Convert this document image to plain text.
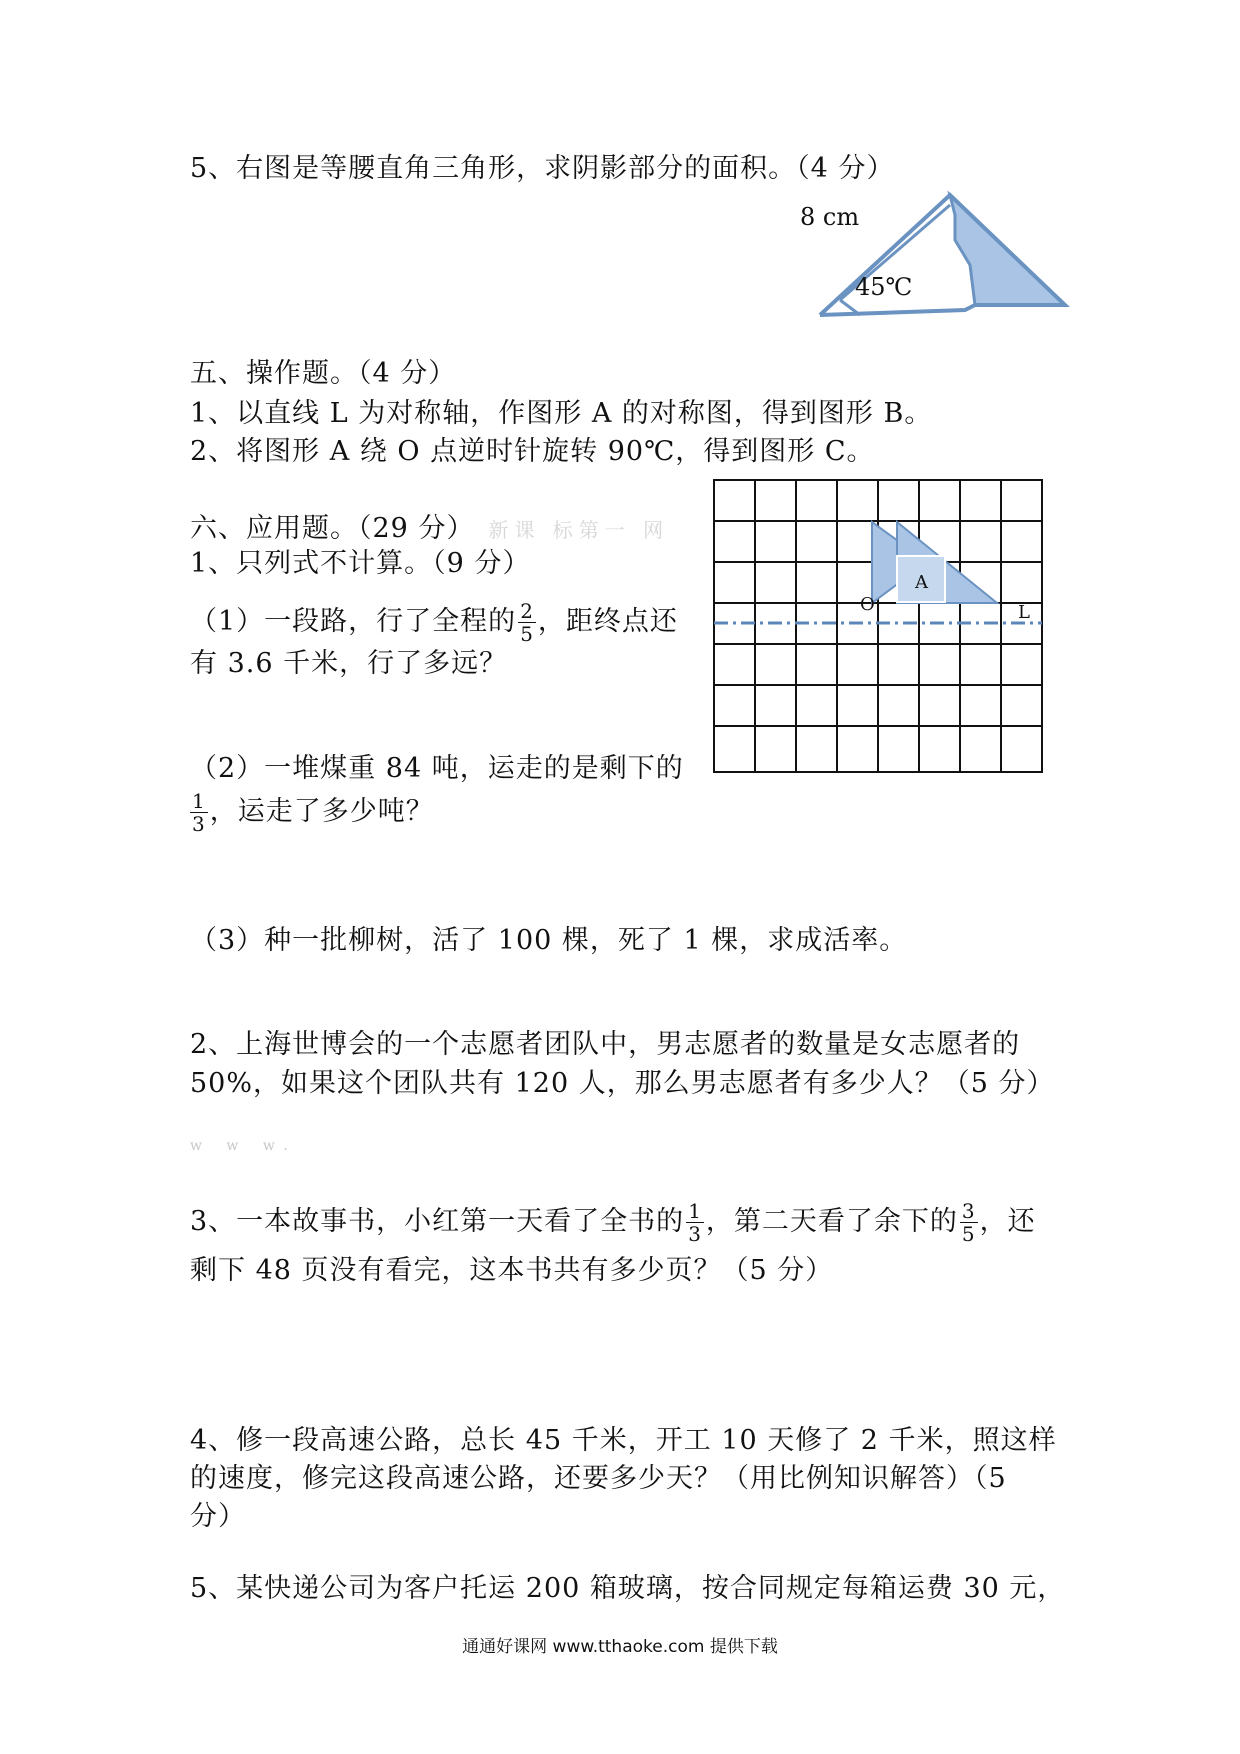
5、右图是等腰直角三角形，求阴影部分的面积。（4 分）
8 cm
45℃
五、操作题。（4 分）
1、以直线 L 为对称轴，作图形 A 的对称图，得到图形 B。
2、将图形 A 绕 O 点逆时针旋转 90℃，得到图形 C。
A
O	L
六、应用题。（29 分） 新课 标第一 网
1、只列式不计算。（9 分）
（1）一段路，行了全程的 $\frac{2}{5}$ ，距终点还
有 3.6 千米，行了多远？
（2）一堆煤重 84 吨，运走的是剩下的
$\frac{1}{3}$ ，运走了多少吨？
（3）种一批柳树，活了 100 棵，死了 1 棵，求成活率。
2、上海世博会的一个志愿者团队中，男志愿者的数量是女志愿者的
50%，如果这个团队共有 120 人，那么男志愿者有多少人？（5 分）
w w w.
3、一本故事书，小红第一天看了全书的 $\frac{1}{3}$ ，第二天看了余下的 $\frac{3}{5}$ ，还
剩下 48 页没有看完，这本书共有多少页？（5 分）
4、修一段高速公路，总长 45 千米，开工 10 天修了 2 千米，照这样
的速度，修完这段高速公路，还要多少天？（用比例知识解答）（5
分）
5、某快递公司为客户托运 200 箱玻璃，按合同规定每箱运费 30 元，
通通好课网 www.tthaoke.com 提供下载
